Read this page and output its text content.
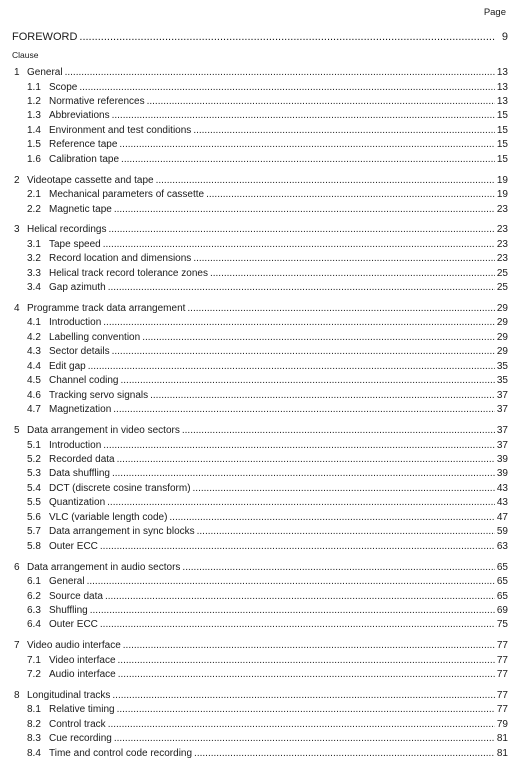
Page
FOREWORD .....	9
Clause
1 General .....	13
1.1 Scope .....	13
1.2 Normative references .....	13
1.3 Abbreviations .....	15
1.4 Environment and test conditions .....	15
1.5 Reference tape .....	15
1.6 Calibration tape .....	15
2 Videotape cassette and tape .....	19
2.1 Mechanical parameters of cassette .....	19
2.2 Magnetic tape .....	23
3 Helical recordings .....	23
3.1 Tape speed .....	23
3.2 Record location and dimensions .....	23
3.3 Helical track record tolerance zones .....	25
3.4 Gap azimuth .....	25
4 Programme track data arrangement .....	29
4.1 Introduction .....	29
4.2 Labelling convention .....	29
4.3 Sector details .....	29
4.4 Edit gap .....	35
4.5 Channel coding .....	35
4.6 Tracking servo signals .....	37
4.7 Magnetization .....	37
5 Data arrangement in video sectors .....	37
5.1 Introduction .....	37
5.2 Recorded data .....	39
5.3 Data shuffling .....	39
5.4 DCT (discrete cosine transform) .....	43
5.5 Quantization .....	43
5.6 VLC (variable length code) .....	47
5.7 Data arrangement in sync blocks .....	59
5.8 Outer ECC .....	63
6 Data arrangement in audio sectors .....	65
6.1 General .....	65
6.2 Source data .....	65
6.3 Shuffling .....	69
6.4 Outer ECC .....	75
7 Video audio interface .....	77
7.1 Video interface .....	77
7.2 Audio interface .....	77
8 Longitudinal tracks .....	77
8.1 Relative timing .....	77
8.2 Control track .....	79
8.3 Cue recording .....	81
8.4 Time and control code recording .....	81
